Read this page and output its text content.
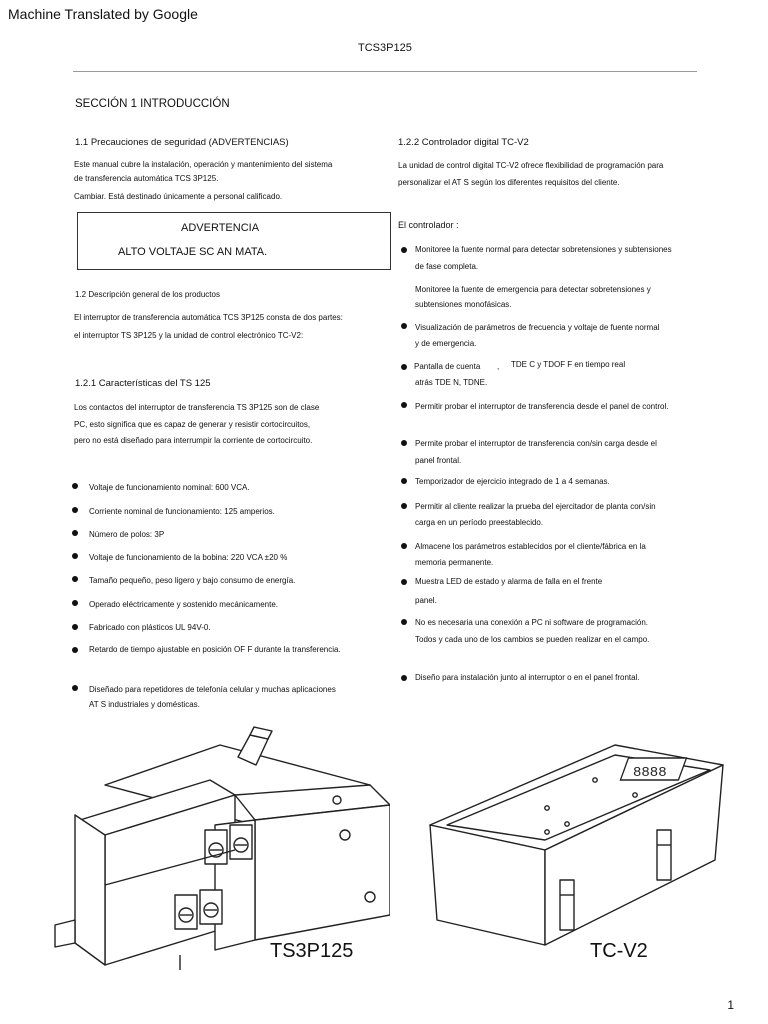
Machine Translated by Google
TCS3P125
SECCIÓN 1 INTRODUCCIÓN
1.1 Precauciones de seguridad (ADVERTENCIAS)
Este manual cubre la instalación, operación y mantenimiento del sistema
de transferencia automática TCS 3P125.
Cambiar. Está destinado únicamente a personal calificado.
ADVERTENCIA
ALTO VOLTAJE SC AN MATA.
1.2 Descripción general de los productos
El interruptor de transferencia automática TCS 3P125 consta de dos partes:
el interruptor TS 3P125 y la unidad de control electrónico TC-V2:
1.2.1 Características del TS 125
Los contactos del interruptor de transferencia TS 3P125 son de clase
PC, esto significa que es capaz de generar y resistir cortocircuitos,
pero no está diseñado para interrumpir la corriente de cortocircuito.
Voltaje de funcionamiento nominal: 600 VCA.
Corriente nominal de funcionamiento: 125 amperios.
Número de polos: 3P
Voltaje de funcionamiento de la bobina: 220 VCA ±20 %
Tamaño pequeño, peso ligero y bajo consumo de energía.
Operado eléctricamente y sostenido mecánicamente.
Fabricado con plásticos UL 94V-0.
Retardo de tiempo ajustable en posición OF F durante la transferencia.
Diseñado para repetidores de telefonía celular y muchas aplicaciones
AT S industriales y domésticas.
1.2.2 Controlador digital TC-V2
La unidad de control digital TC-V2 ofrece flexibilidad de programación para
personalizar el AT S según los diferentes requisitos del cliente.
El controlador :
Monitoree la fuente normal para detectar sobretensiones y subtensiones
de fase completa.
Monitoree la fuente de emergencia para detectar sobretensiones y
subtensiones monofásicas.
Visualización de parámetros de frecuencia y voltaje de fuente normal
y de emergencia.
Pantalla de cuenta , TDE C y TDOF F en tiempo real
atrás TDE N, TDNE.
Permitir probar el interruptor de transferencia desde el panel de control.
Permite probar el interruptor de transferencia con/sin carga desde el
panel frontal.
Temporizador de ejercicio integrado de 1 a 4 semanas.
Permitir al cliente realizar la prueba del ejercitador de planta con/sin
carga en un período preestablecido.
Almacene los parámetros establecidos por el cliente/fábrica en la
memoria permanente.
Muestra LED de estado y alarma de falla en el frente
panel.
No es necesaria una conexión a PC ni software de programación.
Todos y cada uno de los cambios se pueden realizar en el campo.
Diseño para instalación junto al interruptor o en el panel frontal.
TS3P125
8888
TC-V2
1
